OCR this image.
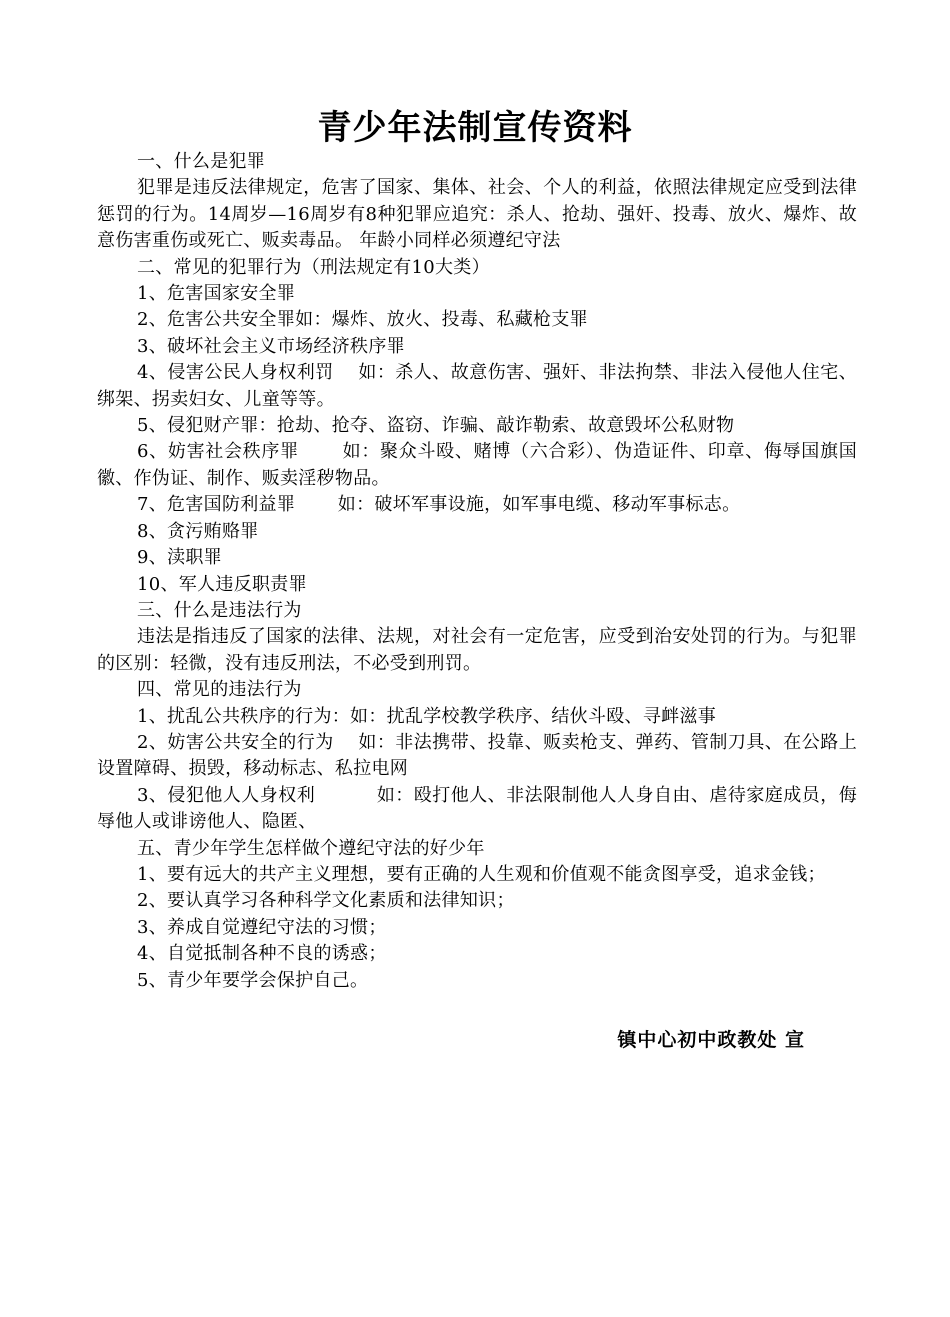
青少年法制宣传资料

一、什么是犯罪

犯罪是违反法律规定，危害了国家、集体、社会、个人的利益，依照法律规定应受到法律惩罚的行为。14周岁—16周岁有8种犯罪应追究：杀人、抢劫、强奸、投毒、放火、爆炸、故意伤害重伤或死亡、贩卖毒品。 年龄小同样必须遵纪守法

二、常见的犯罪行为（刑法规定有10大类）

1、危害国家安全罪

2、危害公共安全罪如：爆炸、放火、投毒、私藏枪支罪

3、破坏社会主义市场经济秩序罪

4、侵害公民人身权利罚　 如：杀人、故意伤害、强奸、非法拘禁、非法入侵他人住宅、绑架、拐卖妇女、儿童等等。

5、侵犯财产罪：抢劫、抢夺、盗窃、诈骗、敲诈勒索、故意毁坏公私财物

6、妨害社会秩序罪　　 如：聚众斗殴、赌博（六合彩）、伪造证件、印章、侮辱国旗国徽、作伪证、制作、贩卖淫秽物品。

7、危害国防利益罪　　 如：破坏军事设施，如军事电缆、移动军事标志。

8、贪污贿赂罪

9、渎职罪

10、军人违反职责罪

三、什么是违法行为

违法是指违反了国家的法律、法规，对社会有一定危害，应受到治安处罚的行为。与犯罪的区别：轻微，没有违反刑法，不必受到刑罚。

四、常见的违法行为

1、扰乱公共秩序的行为：如：扰乱学校教学秩序、结伙斗殴、寻衅滋事

2、妨害公共安全的行为　 如：非法携带、投靠、贩卖枪支、弹药、管制刀具、在公路上设置障碍、损毁，移动标志、私拉电网

3、侵犯他人人身权利　　　 如：殴打他人、非法限制他人人身自由、虐待家庭成员，侮辱他人或诽谤他人、隐匿、

五、青少年学生怎样做个遵纪守法的好少年

1、要有远大的共产主义理想，要有正确的人生观和价值观不能贪图享受，追求金钱；

2、要认真学习各种科学文化素质和法律知识；

3、养成自觉遵纪守法的习惯；

4、自觉抵制各种不良的诱惑；

5、青少年要学会保护自己。

镇中心初中政教处 宣
